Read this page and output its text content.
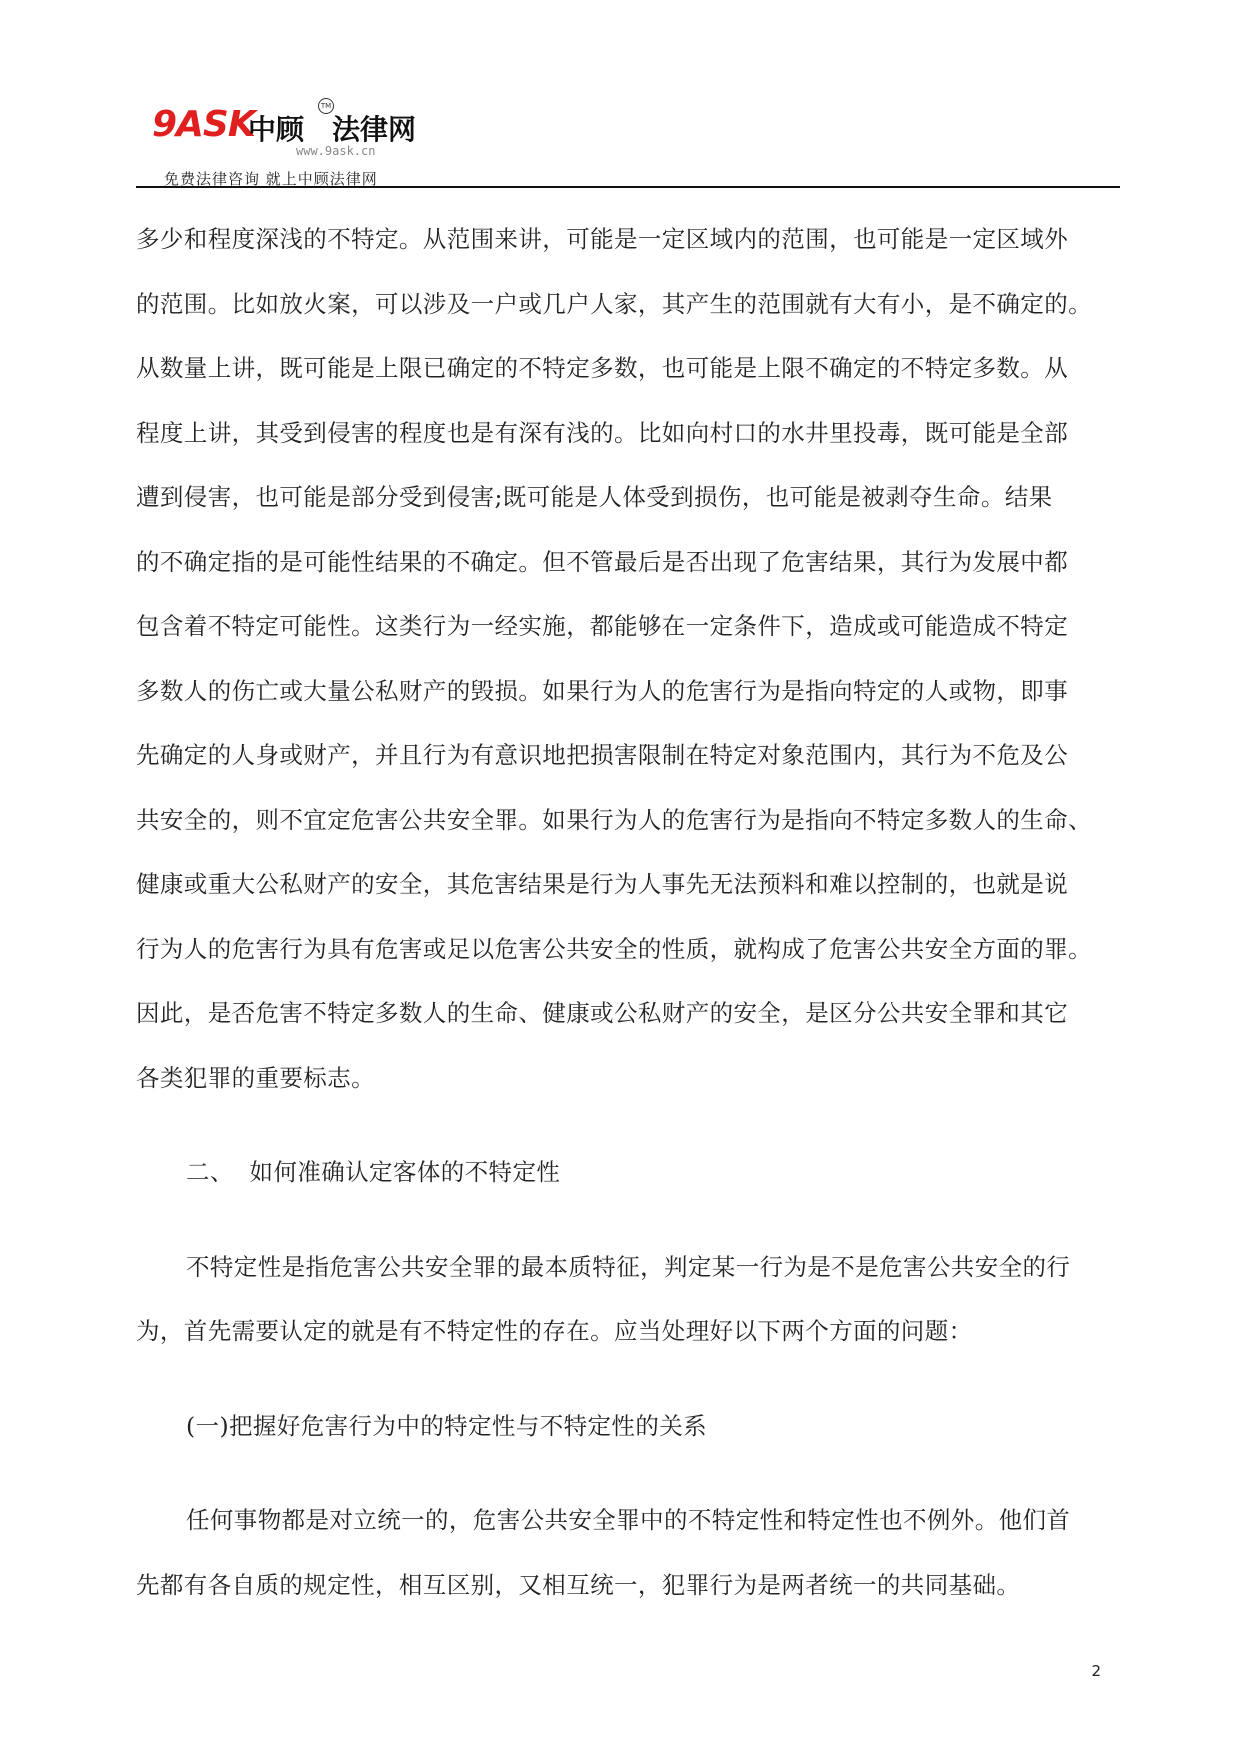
9ASK
中顾
TM
法律网
www.9ask.cn
免费法律咨询 就上中顾法律网
多少和程度深浅的不特定。从范围来讲，可能是一定区域内的范围，也可能是一定区域外
的范围。比如放火案，可以涉及一户或几户人家，其产生的范围就有大有小，是不确定的。
从数量上讲，既可能是上限已确定的不特定多数，也可能是上限不确定的不特定多数。从
程度上讲，其受到侵害的程度也是有深有浅的。比如向村口的水井里投毒，既可能是全部
遭到侵害，也可能是部分受到侵害;既可能是人体受到损伤，也可能是被剥夺生命。结果
的不确定指的是可能性结果的不确定。但不管最后是否出现了危害结果，其行为发展中都
包含着不特定可能性。这类行为一经实施，都能够在一定条件下，造成或可能造成不特定
多数人的伤亡或大量公私财产的毁损。如果行为人的危害行为是指向特定的人或物，即事
先确定的人身或财产，并且行为有意识地把损害限制在特定对象范围内，其行为不危及公
共安全的，则不宜定危害公共安全罪。如果行为人的危害行为是指向不特定多数人的生命、
健康或重大公私财产的安全，其危害结果是行为人事先无法预料和难以控制的，也就是说
行为人的危害行为具有危害或足以危害公共安全的性质，就构成了危害公共安全方面的罪。
因此，是否危害不特定多数人的生命、健康或公私财产的安全，是区分公共安全罪和其它
各类犯罪的重要标志。
二、  如何准确认定客体的不特定性
不特定性是指危害公共安全罪的最本质特征，判定某一行为是不是危害公共安全的行
为，首先需要认定的就是有不特定性的存在。应当处理好以下两个方面的问题：
(一)把握好危害行为中的特定性与不特定性的关系
任何事物都是对立统一的，危害公共安全罪中的不特定性和特定性也不例外。他们首
先都有各自质的规定性，相互区别，又相互统一，犯罪行为是两者统一的共同基础。
2
